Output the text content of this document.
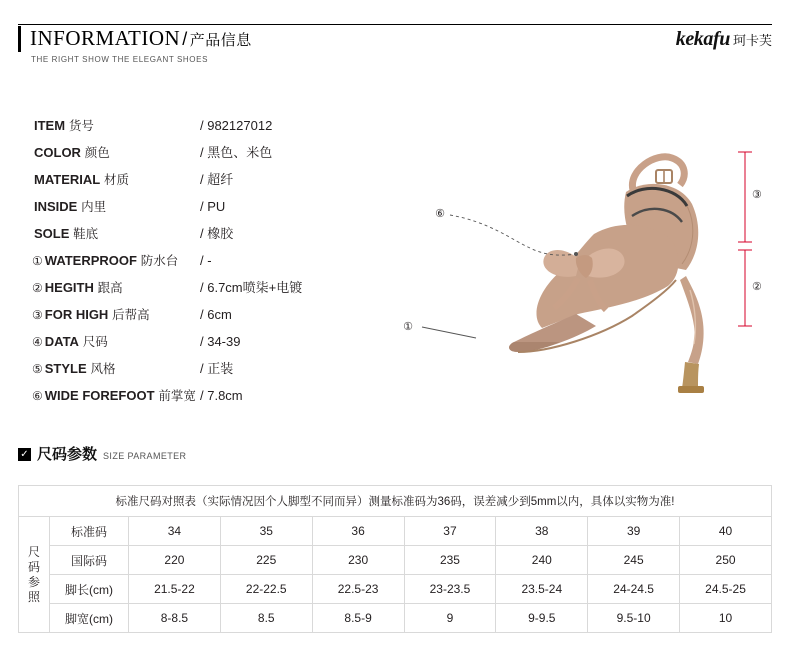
INFORMATION / 产品信息
THE RIGHT SHOW THE ELEGANT SHOES
kekafu 珂卡芙
ITEM 货号	/ 982127012
COLOR 颜色	/ 黑色、米色
MATERIAL 材质	/ 超纤
INSIDE 内里	/ PU
SOLE 鞋底	/ 橡胶
① WATERPROOF 防水台 / -
② HEGITH 跟高	/ 6.7cm喷柒+电镀
③ FOR HIGH 后帮高	/ 6cm
④ DATA 尺码	/ 34-39
⑤ STYLE 风格	/ 正装
⑥ WIDE FOREFOOT 前掌宽 / 7.8cm
⑥
①
③
②
✓ 尺码参数 SIZE PARAMETER
标准尺码对照表（实际情况因个人脚型不同而异）测量标准码为36码，误差减少到5mm以内，具体以实物为准!								

尺码参照	标准码	34	35	36	37	38	39	40
	国际码	220	225	230	235	240	245	250
	脚长(cm)	21.5-22	22-22.5	22.5-23	23-23.5	23.5-24	24-24.5	24.5-25
	脚宽(cm)	8-8.5	8.5	8.5-9	9	9-9.5	9.5-10	10
